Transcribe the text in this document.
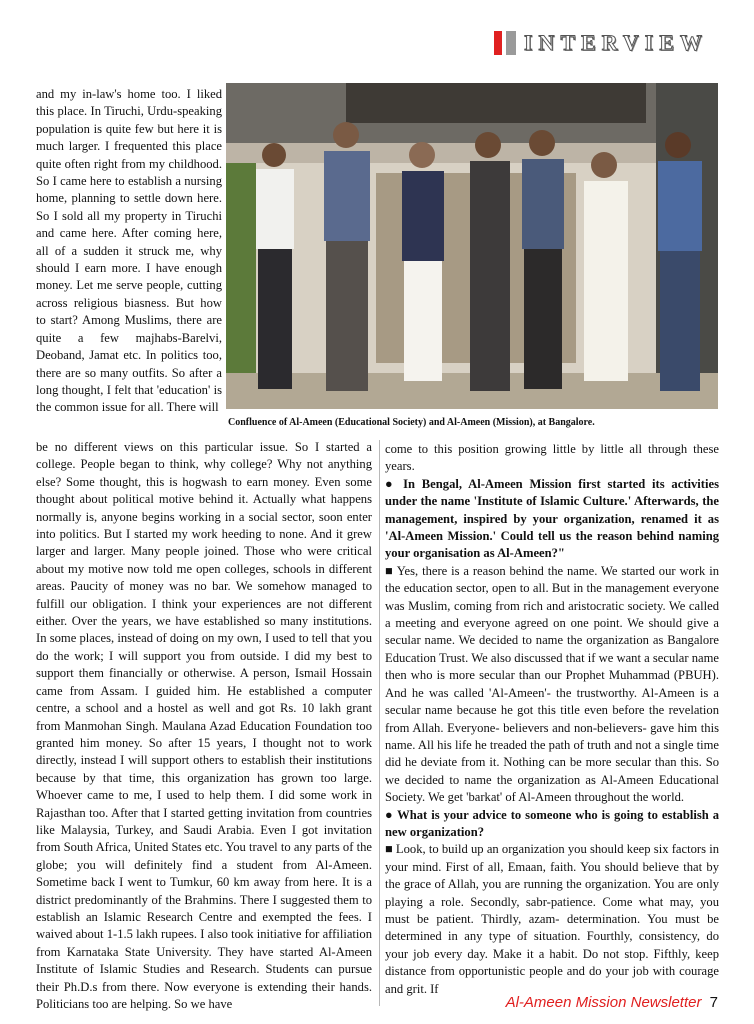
INTERVIEW

and my in-law's home too. I liked this place. In Tiruchi, Urdu-speaking population is quite few but here it is much larger. I frequented this place quite often right from my childhood. So I came here to establish a nursing home, planning to settle down here. So I sold all my property in Tiruchi and came here. After coming here, all of a sudden it struck me, why should I earn more. I have enough money. Let me serve people, cutting across religious biasness. But how to start? Among Muslims, there are quite a few majhabs-Barelvi, Deoband, Jamat etc. In politics too, there are so many outfits. So after a long thought, I felt that 'education' is the common issue for all. There will

Confluence of Al-Ameen (Educational Society) and Al-Ameen (Mission), at Bangalore.

be no different views on this particular issue. So I started a college. People began to think, why college? Why not anything else? Some thought, this is hogwash to earn money. Even some thought about political motive behind it. Actually what happens normally is, anyone begins working in a social sector, soon enter into politics. But I started my work heeding to none. And it grew larger and larger. Many people joined. Those who were critical about my motive now told me open colleges, schools in different areas. Paucity of money was no bar. We somehow managed to fulfill our obligation. I think your experiences are not different either. Over the years, we have established so many institutions. In some places, instead of doing on my own, I used to tell that you do the work; I will support you from outside. I did my best to support them financially or otherwise. A person, Ismail Hossain came from Assam. I guided him. He established a computer centre, a school and a hostel as well and got Rs. 10 lakh grant from Manmohan Singh. Maulana Azad Education Foundation too granted him money. So after 15 years, I thought not to work directly, instead I will support others to establish their institutions because by that time, this organization has grown too large. Whoever came to me, I used to help them. I did some work in Rajasthan too. After that I started getting invitation from countries like Malaysia, Turkey, and Saudi Arabia. Even I got invitation from South Africa, United States etc. You travel to any parts of the globe; you will definitely find a student from Al-Ameen. Sometime back I went to Tumkur, 60 km away from here. It is a district predominantly of the Brahmins. There I suggested them to establish an Islamic Research Centre and exempted the fees. I waived about 1-1.5 lakh rupees. I also took initiative for affiliation from Karnataka State University. They have started Al-Ameen Institute of Islamic Studies and Research. Students can pursue their Ph.D.s from there. Now everyone is extending their hands. Politicians too are helping. So we have

come to this position growing little by little all through these years.

● In Bengal, Al-Ameen Mission first started its activities under the name 'Institute of Islamic Culture.' Afterwards, the management, inspired by your organization, renamed it as 'Al-Ameen Mission.' Could tell us the reason behind naming your organisation as Al-Ameen?"

■ Yes, there is a reason behind the name. We started our work in the education sector, open to all. But in the management everyone was Muslim, coming from rich and aristocratic society. We called a meeting and everyone agreed on one point. We should give a secular name. We decided to name the organization as Bangalore Education Trust. We also discussed that if we want a secular name then who is more secular than our Prophet Muhammad (PBUH). And he was called 'Al-Ameen'- the trustworthy. Al-Ameen is a secular name because he got this title even before the revelation from Allah. Everyone- believers and non-believers- gave him this name. All his life he treaded the path of truth and not a single time did he deviate from it. Nothing can be more secular than this. So we decided to name the organization as Al-Ameen Educational Society. We get 'barkat' of Al-Ameen throughout the world.

● What is your advice to someone who is going to establish a new organization?

■ Look, to build up an organization you should keep six factors in your mind. First of all, Emaan, faith. You should believe that by the grace of Allah, you are running the organization. You are only playing a role. Secondly, sabr-patience. Come what may, you must be patient. Thirdly, azam- determination. You must be determined in any type of situation. Fourthly, consistency, do your job every day. Make it a habit. Do not stop. Fifthly, keep distance from opportunistic people and do your job with courage and grit. If

Al-Ameen Mission Newsletter 7
